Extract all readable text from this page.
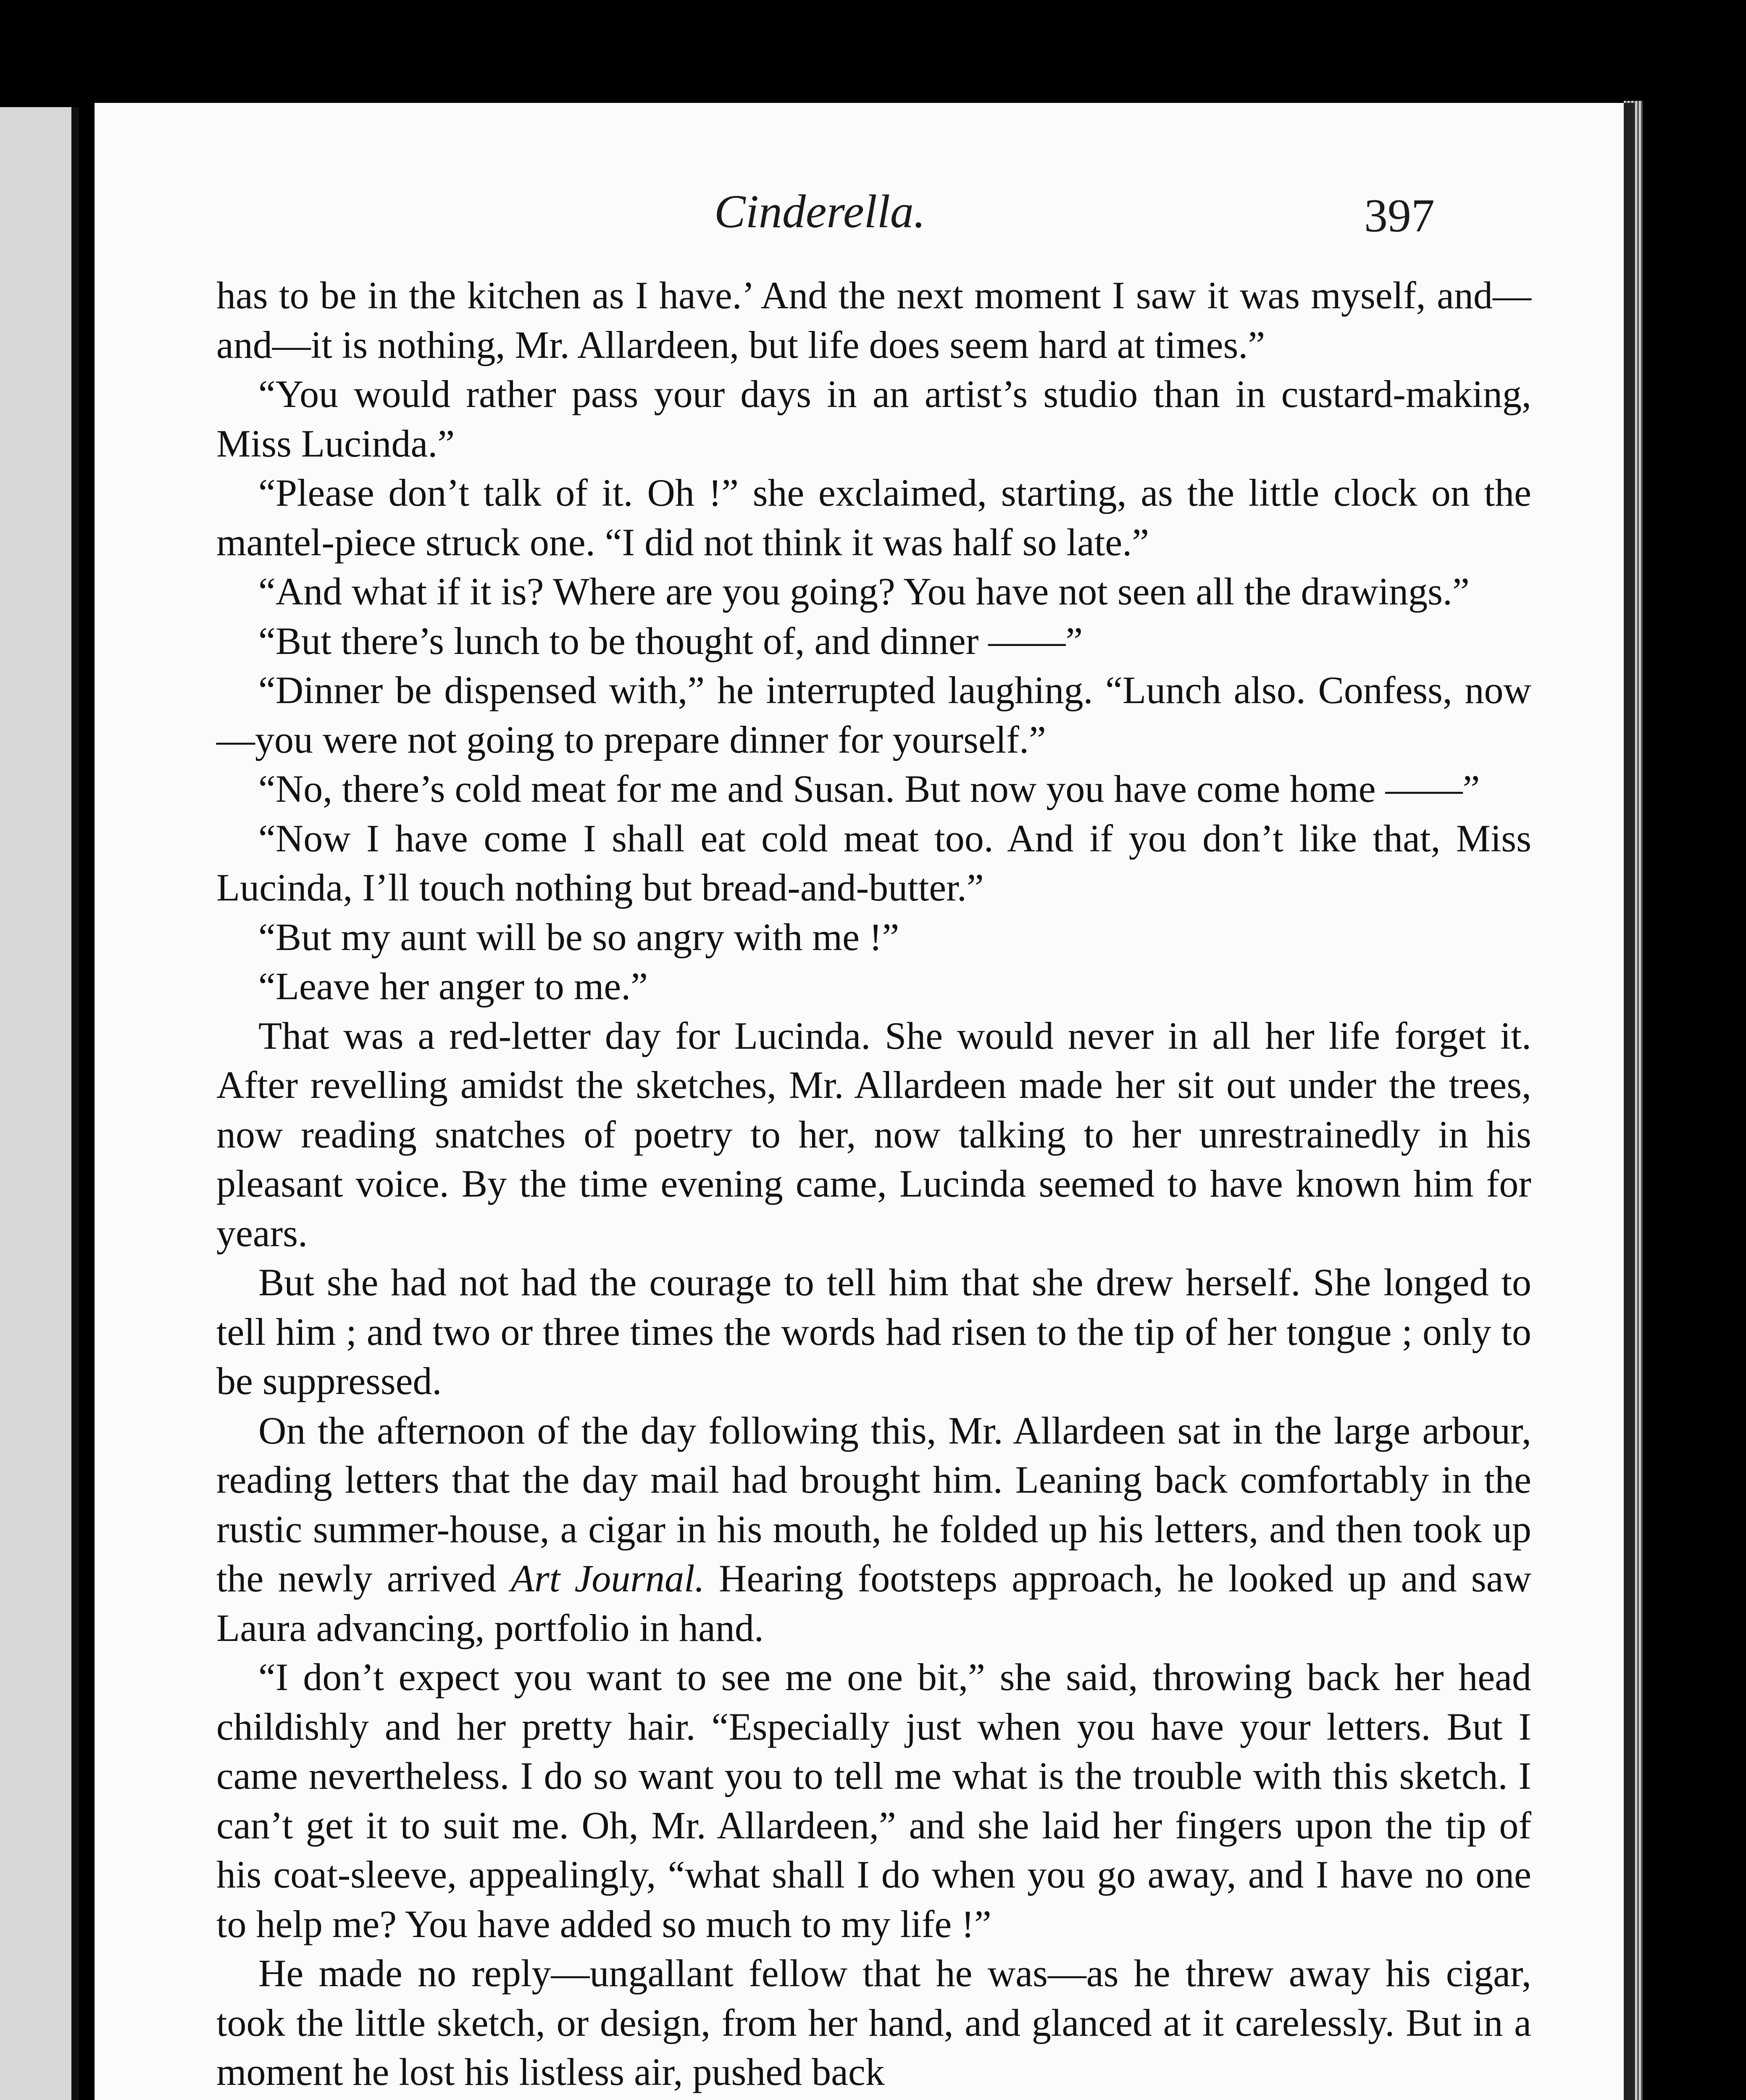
Cinderella.	397

has to be in the kitchen as I have.’ And the next moment I saw it was myself, and—and—it is nothing, Mr. Allardeen, but life does seem hard at times.”

“You would rather pass your days in an artist’s studio than in custard-making, Miss Lucinda.”

“Please don’t talk of it. Oh !” she exclaimed, starting, as the little clock on the mantel-piece struck one. “I did not think it was half so late.”

“And what if it is? Where are you going? You have not seen all the drawings.”

“But there’s lunch to be thought of, and dinner ——”

“Dinner be dispensed with,” he interrupted laughing. “Lunch also. Confess, now—you were not going to prepare dinner for yourself.”

“No, there’s cold meat for me and Susan. But now you have come home ——”

“Now I have come I shall eat cold meat too. And if you don’t like that, Miss Lucinda, I’ll touch nothing but bread-and-butter.”

“But my aunt will be so angry with me !”

“Leave her anger to me.”

That was a red-letter day for Lucinda. She would never in all her life forget it. After revelling amidst the sketches, Mr. Allardeen made her sit out under the trees, now reading snatches of poetry to her, now talking to her unrestrainedly in his pleasant voice. By the time evening came, Lucinda seemed to have known him for years.

But she had not had the courage to tell him that she drew herself. She longed to tell him ; and two or three times the words had risen to the tip of her tongue ; only to be suppressed.

On the afternoon of the day following this, Mr. Allardeen sat in the large arbour, reading letters that the day mail had brought him. Leaning back comfortably in the rustic summer-house, a cigar in his mouth, he folded up his letters, and then took up the newly arrived Art Journal. Hearing footsteps approach, he looked up and saw Laura advancing, portfolio in hand.

“I don’t expect you want to see me one bit,” she said, throwing back her head childishly and her pretty hair. “Especially just when you have your letters. But I came nevertheless. I do so want you to tell me what is the trouble with this sketch. I can’t get it to suit me. Oh, Mr. Allardeen,” and she laid her fingers upon the tip of his coat-sleeve, appealingly, “what shall I do when you go away, and I have no one to help me? You have added so much to my life !”

He made no reply—ungallant fellow that he was—as he threw away his cigar, took the little sketch, or design, from her hand, and glanced at it carelessly. But in a moment he lost his listless air, pushed back
